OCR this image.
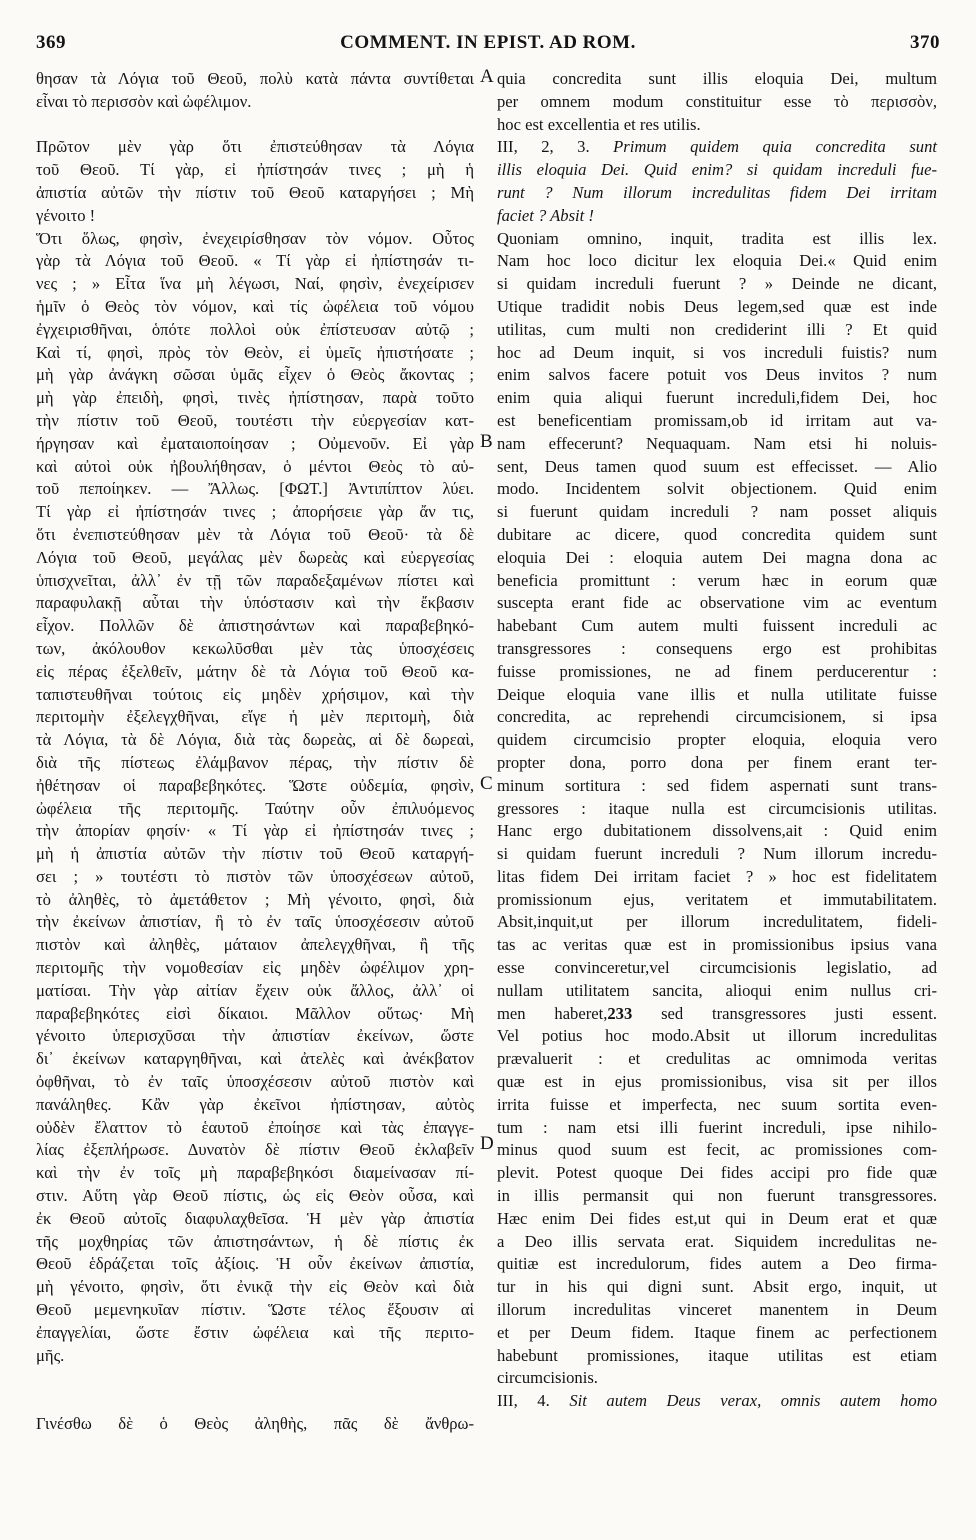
369	COMMENT. IN EPIST. AD ROM.	370
θησαν τὰ Λόγια τοῦ Θεοῦ, πολὺ κατὰ πάντα συντίθεται
εἶναι τὸ περισσὸν καὶ ὠφέλιμον.
Πρῶτον μὲν γὰρ ὅτι ἐπιστεύθησαν τὰ Λόγια
τοῦ Θεοῦ. Τί γὰρ, εἰ ἠπίστησάν τινες ; μὴ ἡ
ἀπιστία αὐτῶν τὴν πίστιν τοῦ Θεοῦ καταργήσει ; Μὴ
γένοιτο !
Ὅτι ὅλως, φησὶν, ἐνεχειρίσθησαν τὸν νόμον. Οὗτος
γὰρ τὰ Λόγια τοῦ Θεοῦ. « Τί γὰρ εἰ ἠπίστησάν τι-
νες ; » Εἶτα ἵνα μὴ λέγωσι, Ναί, φησὶν, ἐνεχείρισεν
ἡμῖν ὁ Θεὸς τὸν νόμον, καὶ τίς ὠφέλεια τοῦ νόμου
ἐγχειρισθῆναι, ὁπότε πολλοὶ οὐκ ἐπίστευσαν αὐτῷ ;
Καὶ τί, φησὶ, πρὸς τὸν Θεὸν, εἰ ὑμεῖς ἠπιστήσατε ;
μὴ γὰρ ἀνάγκη σῶσαι ὑμᾶς εἶχεν ὁ Θεὸς ἄκοντας ;
μὴ γὰρ ἐπειδὴ, φησὶ, τινὲς ἠπίστησαν, παρὰ τοῦτο
τὴν πίστιν τοῦ Θεοῦ, τουτέστι τὴν εὐεργεσίαν κατ-
ήργησαν καὶ ἐματαιοποίησαν ; Οὐμενοῦν. Εἰ γὰρ
καὶ αὐτοὶ οὐκ ἠβουλήθησαν, ὁ μέντοι Θεὸς τὸ αὑ-
τοῦ πεποίηκεν. — Ἄλλως. [ΦΩΤ.] Ἀντιπίπτον λύει.
Τί γὰρ εἰ ἠπίστησάν τινες ; ἀπορήσειε γὰρ ἄν τις,
ὅτι ἐνεπιστεύθησαν μὲν τὰ Λόγια τοῦ Θεοῦ· τὰ δὲ
Λόγια τοῦ Θεοῦ, μεγάλας μὲν δωρεὰς καὶ εὐεργεσίας
ὑπισχνεῖται, ἀλλ᾽ ἐν τῇ τῶν παραδεξαμένων πίστει καὶ
παραφυλακῇ αὗται τὴν ὑπόστασιν καὶ τὴν ἔκβασιν
εἶχον. Πολλῶν δὲ ἀπιστησάντων καὶ παραβεβηκό-
των, ἀκόλουθον κεκωλῦσθαι μὲν τὰς ὑποσχέσεις
εἰς πέρας ἐξελθεῖν, μάτην δὲ τὰ Λόγια τοῦ Θεοῦ κα-
ταπιστευθῆναι τούτοις εἰς μηδὲν χρήσιμον, καὶ τὴν
περιτομὴν ἐξελεγχθῆναι, εἴγε ἡ μὲν περιτομὴ, διὰ
τὰ Λόγια, τὰ δὲ Λόγια, διὰ τὰς δωρεὰς, αἱ δὲ δωρεαὶ,
διὰ τῆς πίστεως ἐλάμβανον πέρας, τὴν πίστιν δὲ
ἠθέτησαν οἱ παραβεβηκότες. Ὥστε οὐδεμία, φησὶν,
ὠφέλεια τῆς περιτομῆς. Ταύτην οὖν ἐπιλυόμενος
τὴν ἀπορίαν φησίν· « Τί γὰρ εἰ ἠπίστησάν τινες ;
μὴ ἡ ἀπιστία αὐτῶν τὴν πίστιν τοῦ Θεοῦ καταργή-
σει ; » τουτέστι τὸ πιστὸν τῶν ὑποσχέσεων αὐτοῦ,
τὸ ἀληθὲς, τὸ ἀμετάθετον ; Μὴ γένοιτο, φησὶ, διὰ
τὴν ἐκείνων ἀπιστίαν, ἢ τὸ ἐν ταῖς ὑποσχέσεσιν αὐτοῦ
πιστὸν καὶ ἀληθὲς, μάταιον ἀπελεγχθῆναι, ἢ τῆς
περιτομῆς τὴν νομοθεσίαν εἰς μηδὲν ὠφέλιμον χρη-
ματίσαι. Τὴν γὰρ αἰτίαν ἔχειν οὐκ ἄλλος, ἀλλ᾽ οἱ
παραβεβηκότες εἰσὶ δίκαιοι. Μᾶλλον οὕτως· Μὴ
γένοιτο ὑπερισχῦσαι τὴν ἀπιστίαν ἐκείνων, ὥστε
δι᾽ ἐκείνων καταργηθῆναι, καὶ ἀτελὲς καὶ ἀνέκβατον
ὀφθῆναι, τὸ ἐν ταῖς ὑποσχέσεσιν αὐτοῦ πιστὸν καὶ
πανάληθες. Κἂν γὰρ ἐκεῖνοι ἠπίστησαν, αὐτὸς
οὐδὲν ἔλαττον τὸ ἑαυτοῦ ἐποίησε καὶ τὰς ἐπαγγε-
λίας ἐξεπλήρωσε. Δυνατὸν δὲ πίστιν Θεοῦ ἐκλαβεῖν
καὶ τὴν ἐν τοῖς μὴ παραβεβηκόσι διαμείνασαν πί-
στιν. Αὕτη γὰρ Θεοῦ πίστις, ὡς εἰς Θεὸν οὖσα, καὶ
ἐκ Θεοῦ αὐτοῖς διαφυλαχθεῖσα. Ἡ μὲν γὰρ ἀπιστία
τῆς μοχθηρίας τῶν ἀπιστησάντων, ἡ δὲ πίστις ἐκ
Θεοῦ ἑδράζεται τοῖς ἀξίοις. Ἡ οὖν ἐκείνων ἀπιστία,
μὴ γένοιτο, φησὶν, ὅτι ἐνικᾷ τὴν εἰς Θεὸν καὶ διὰ
Θεοῦ μεμενηκυῖαν πίστιν. Ὥστε τέλος ἕξουσιν αἱ
ἐπαγγελίαι, ὥστε ἔστιν ὠφέλεια καὶ τῆς περιτο-
μῆς.
Γινέσθω δὲ ὁ Θεὸς ἀληθὴς, πᾶς δὲ ἄνθρω-
quia concredita sunt illis eloquia Dei, multum
per omnem modum constituitur esse τὸ περισσὸν,
hoc est excellentia et res utilis.
III, 2, 3. Primum quidem quia concredita sunt
illis eloquia Dei. Quid enim? si quidam increduli fue-
runt ? Num illorum incredulitas fidem Dei irritam
faciet ? Absit !
Quoniam omnino, inquit, tradita est illis lex.
Nam hoc loco dicitur lex eloquia Dei.« Quid enim
si quidam increduli fuerunt ? » Deinde ne dicant,
Utique tradidit nobis Deus legem,sed quæ est inde
utilitas, cum multi non crediderint illi ? Et quid
hoc ad Deum inquit, si vos increduli fuistis? num
enim salvos facere potuit vos Deus invitos ? num
enim quia aliqui fuerunt increduli,fidem Dei, hoc
est beneficentiam promissam,ob id irritam aut va-
nam effecerunt? Nequaquam. Nam etsi hi noluis-
sent, Deus tamen quod suum est effecisset. — Alio
modo. Incidentem solvit objectionem. Quid enim
si fuerunt quidam increduli ? nam posset aliquis
dubitare ac dicere, quod concredita quidem sunt
eloquia Dei : eloquia autem Dei magna dona ac
beneficia promittunt : verum hæc in eorum quæ
suscepta erant fide ac observatione vim ac eventum
habebant Cum autem multi fuissent increduli ac
transgressores : consequens ergo est prohibitas
fuisse promissiones, ne ad finem perducerentur :
Deique eloquia vane illis et nulla utilitate fuisse
concredita, ac reprehendi circumcisionem, si ipsa
quidem circumcisio propter eloquia, eloquia vero
propter dona, porro dona per finem erant ter-
minum sortitura : sed fidem aspernati sunt trans-
gressores : itaque nulla est circumcisionis utilitas.
Hanc ergo dubitationem dissolvens,ait : Quid enim
si quidam fuerunt increduli ? Num illorum incredu-
litas fidem Dei irritam faciet ? » hoc est fidelitatem
promissionum ejus, veritatem et immutabilitatem.
Absit,inquit,ut per illorum incredulitatem, fideli-
tas ac veritas quæ est in promissionibus ipsius vana
esse convinceretur,vel circumcisionis legislatio, ad
nullam utilitatem sancita, alioqui enim nullus cri-
men haberet,233 sed transgressores justi essent.
Vel potius hoc modo.Absit ut illorum incredulitas
prævaluerit : et credulitas ac omnimoda veritas
quæ est in ejus promissionibus, visa sit per illos
irrita fuisse et imperfecta, nec suum sortita even-
tum : nam etsi illi fuerint increduli, ipse nihilo-
minus quod suum est fecit, ac promissiones com-
plevit. Potest quoque Dei fides accipi pro fide quæ
in illis permansit qui non fuerunt transgressores.
Hæc enim Dei fides est,ut qui in Deum erat et quæ
a Deo illis servata erat. Siquidem incredulitas ne-
quitiæ est incredulorum, fides autem a Deo firma-
tur in his qui digni sunt. Absit ergo, inquit, ut
illorum incredulitas vinceret manentem in Deum
et per Deum fidem. Itaque finem ac perfectionem
habebunt promissiones, itaque utilitas est etiam
circumcisionis.
III, 4. Sit autem Deus verax, omnis autem homo
A
B
C
D
